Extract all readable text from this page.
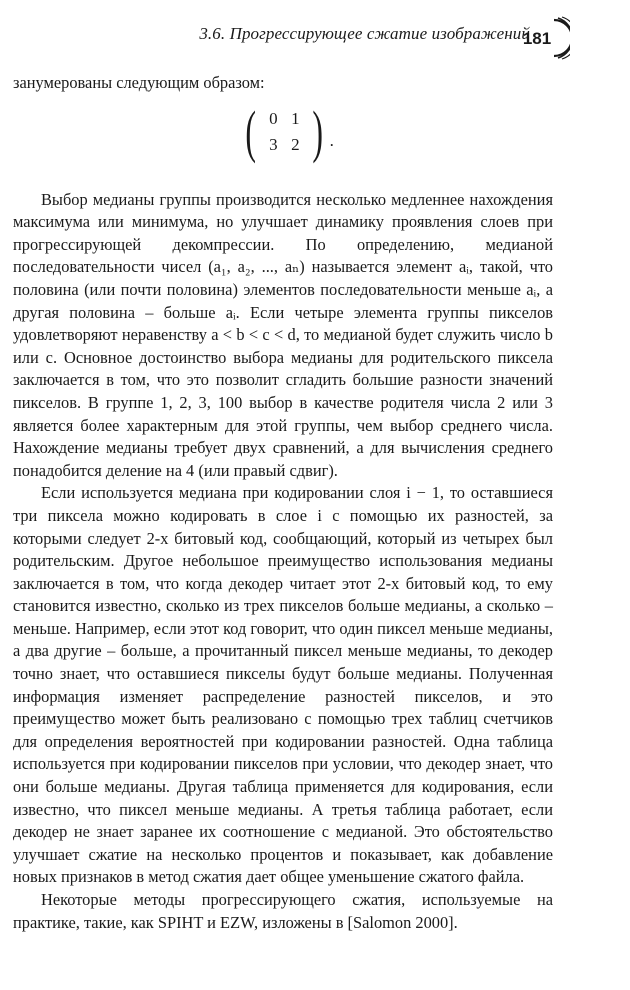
3.6. Прогрессирующее сжатие изображений
181

занумерованы следующим образом:

( 0 1
3 2 ) .

Выбор медианы группы производится несколько медленнее нахождения максимума или минимума, но улучшает динамику проявления слоев при прогрессирующей декомпрессии. По определению, медианой последовательности чисел (a₁, a₂, ..., aₙ) называется элемент aᵢ, такой, что половина (или почти половина) элементов последовательности меньше aᵢ, а другая половина – больше aᵢ. Если четыре элемента группы пикселов удовлетворяют неравенству a < b < c < d, то медианой будет служить число b или c. Основное достоинство выбора медианы для родительского пиксела заключается в том, что это позволит сгладить большие разности значений пикселов. В группе 1, 2, 3, 100 выбор в качестве родителя числа 2 или 3 является более характерным для этой группы, чем выбор среднего числа. Нахождение медианы требует двух сравнений, а для вычисления среднего понадобится деление на 4 (или правый сдвиг).

Если используется медиана при кодировании слоя i − 1, то оставшиеся три пиксела можно кодировать в слое i с помощью их разностей, за которыми следует 2-х битовый код, сообщающий, который из четырех был родительским. Другое небольшое преимущество использования медианы заключается в том, что когда декодер читает этот 2-х битовый код, то ему становится известно, сколько из трех пикселов больше медианы, а сколько – меньше. Например, если этот код говорит, что один пиксел меньше медианы, а два другие – больше, а прочитанный пиксел меньше медианы, то декодер точно знает, что оставшиеся пикселы будут больше медианы. Полученная информация изменяет распределение разностей пикселов, и это преимущество может быть реализовано с помощью трех таблиц счетчиков для определения вероятностей при кодировании разностей. Одна таблица используется при кодировании пикселов при условии, что декодер знает, что они больше медианы. Другая таблица применяется для кодирования, если известно, что пиксел меньше медианы. А третья таблица работает, если декодер не знает заранее их соотношение с медианой. Это обстоятельство улучшает сжатие на несколько процентов и показывает, как добавление новых признаков в метод сжатия дает общее уменьшение сжатого файла.

Некоторые методы прогрессирующего сжатия, используемые на практике, такие, как SPIHT и EZW, изложены в [Salomon 2000].
